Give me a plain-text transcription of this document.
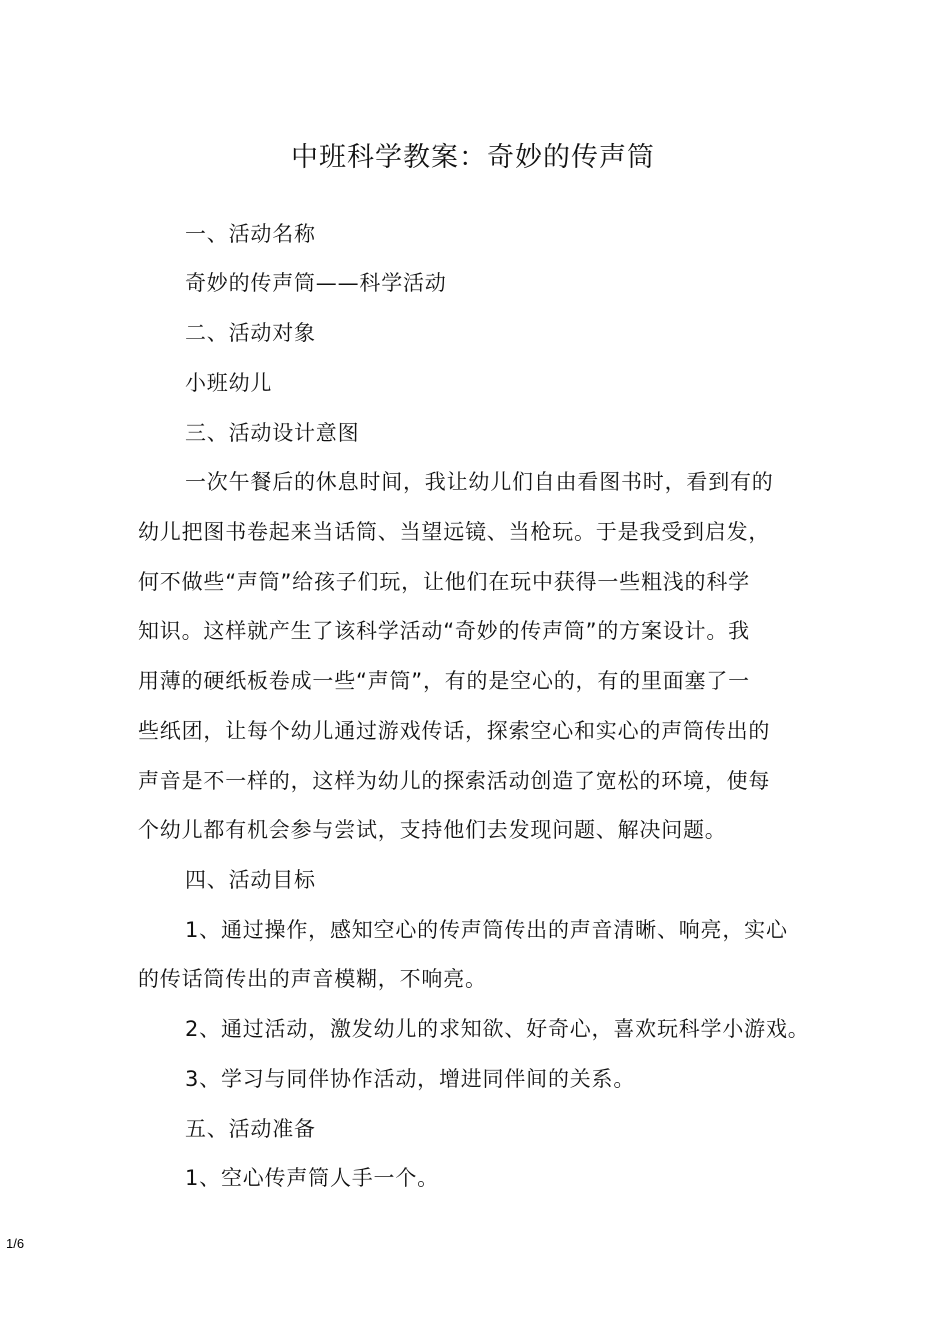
中班科学教案：奇妙的传声筒
一、活动名称
奇妙的传声筒——科学活动
二、活动对象
小班幼儿
三、活动设计意图
一次午餐后的休息时间，我让幼儿们自由看图书时，看到有的
幼儿把图书卷起来当话筒、当望远镜、当枪玩。于是我受到启发，
何不做些“声筒”给孩子们玩，让他们在玩中获得一些粗浅的科学
知识。这样就产生了该科学活动“奇妙的传声筒”的方案设计。我
用薄的硬纸板卷成一些“声筒”，有的是空心的，有的里面塞了一
些纸团，让每个幼儿通过游戏传话，探索空心和实心的声筒传出的
声音是不一样的，这样为幼儿的探索活动创造了宽松的环境，使每
个幼儿都有机会参与尝试，支持他们去发现问题、解决问题。
四、活动目标
1、通过操作，感知空心的传声筒传出的声音清晰、响亮，实心
的传话筒传出的声音模糊，不响亮。
2、通过活动，激发幼儿的求知欲、好奇心，喜欢玩科学小游戏。
3、学习与同伴协作活动，增进同伴间的关系。
五、活动准备
1、空心传声筒人手一个。
1/6
